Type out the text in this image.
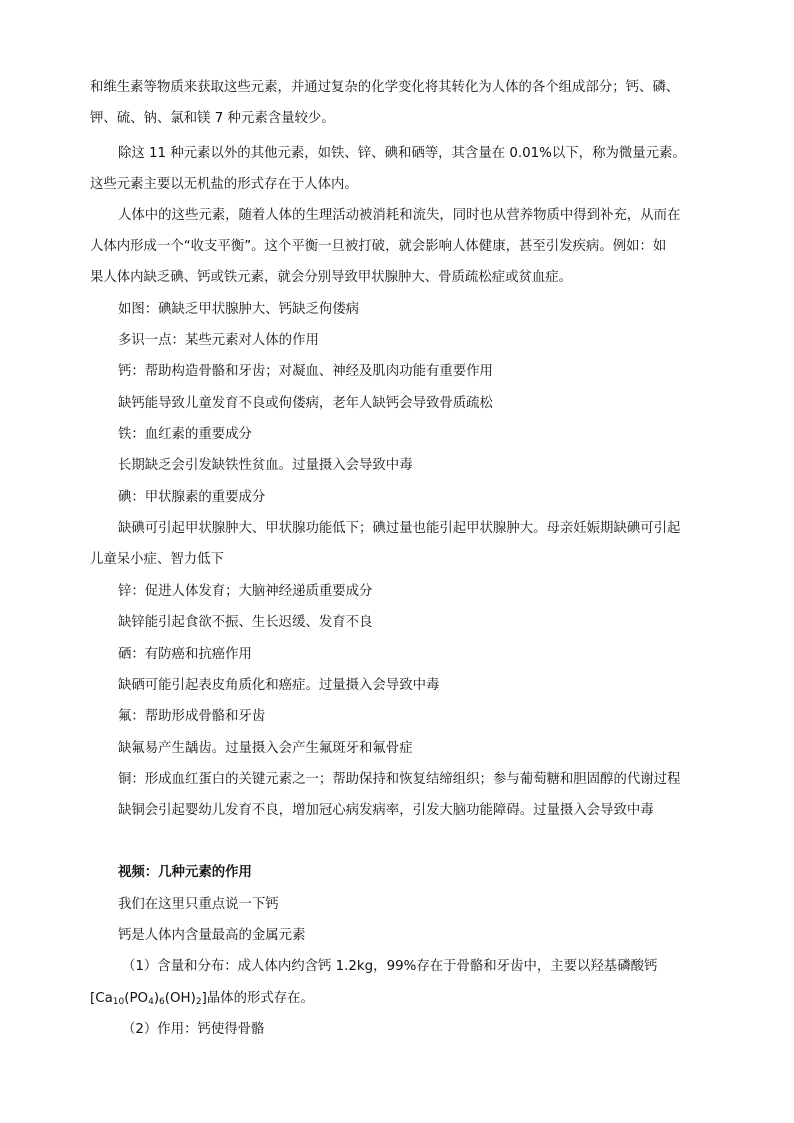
和维生素等物质来获取这些元素，并通过复杂的化学变化将其转化为人体的各个组成部分；钙、磷、
钾、硫、钠、氯和镁 7 种元素含量较少。
除这 11 种元素以外的其他元素，如铁、锌、碘和硒等，其含量在 0.01%以下，称为微量元素。
这些元素主要以无机盐的形式存在于人体内。
人体中的这些元素，随着人体的生理活动被消耗和流失，同时也从营养物质中得到补充，从而在
人体内形成一个“收支平衡”。这个平衡一旦被打破，就会影响人体健康，甚至引发疾病。例如：如
果人体内缺乏碘、钙或铁元素，就会分别导致甲状腺肿大、骨质疏松症或贫血症。
如图：碘缺乏甲状腺肿大、钙缺乏佝偻病
多识一点：某些元素对人体的作用
钙：帮助构造骨骼和牙齿；对凝血、神经及肌肉功能有重要作用
缺钙能导致儿童发育不良或佝偻病，老年人缺钙会导致骨质疏松
铁：血红素的重要成分
长期缺乏会引发缺铁性贫血。过量摄入会导致中毒
碘：甲状腺素的重要成分
缺碘可引起甲状腺肿大、甲状腺功能低下；碘过量也能引起甲状腺肿大。母亲妊娠期缺碘可引起
儿童呆小症、智力低下
锌：促进人体发育；大脑神经递质重要成分
缺锌能引起食欲不振、生长迟缓、发育不良
硒：有防癌和抗癌作用
缺硒可能引起表皮角质化和癌症。过量摄入会导致中毒
氟：帮助形成骨骼和牙齿
缺氟易产生龋齿。过量摄入会产生氟斑牙和氟骨症
铜：形成血红蛋白的关键元素之一；帮助保持和恢复结缔组织；参与葡萄糖和胆固醇的代谢过程
缺铜会引起婴幼儿发育不良，增加冠心病发病率，引发大脑功能障碍。过量摄入会导致中毒
视频：几种元素的作用
我们在这里只重点说一下钙
钙是人体内含量最高的金属元素
（1）含量和分布：成人体内约含钙 1.2kg，99%存在于骨骼和牙齿中，主要以羟基磷酸钙
$[Ca_{10}(PO_4)_6(OH)_2]$晶体的形式存在。
（2）作用：钙使得骨骼
